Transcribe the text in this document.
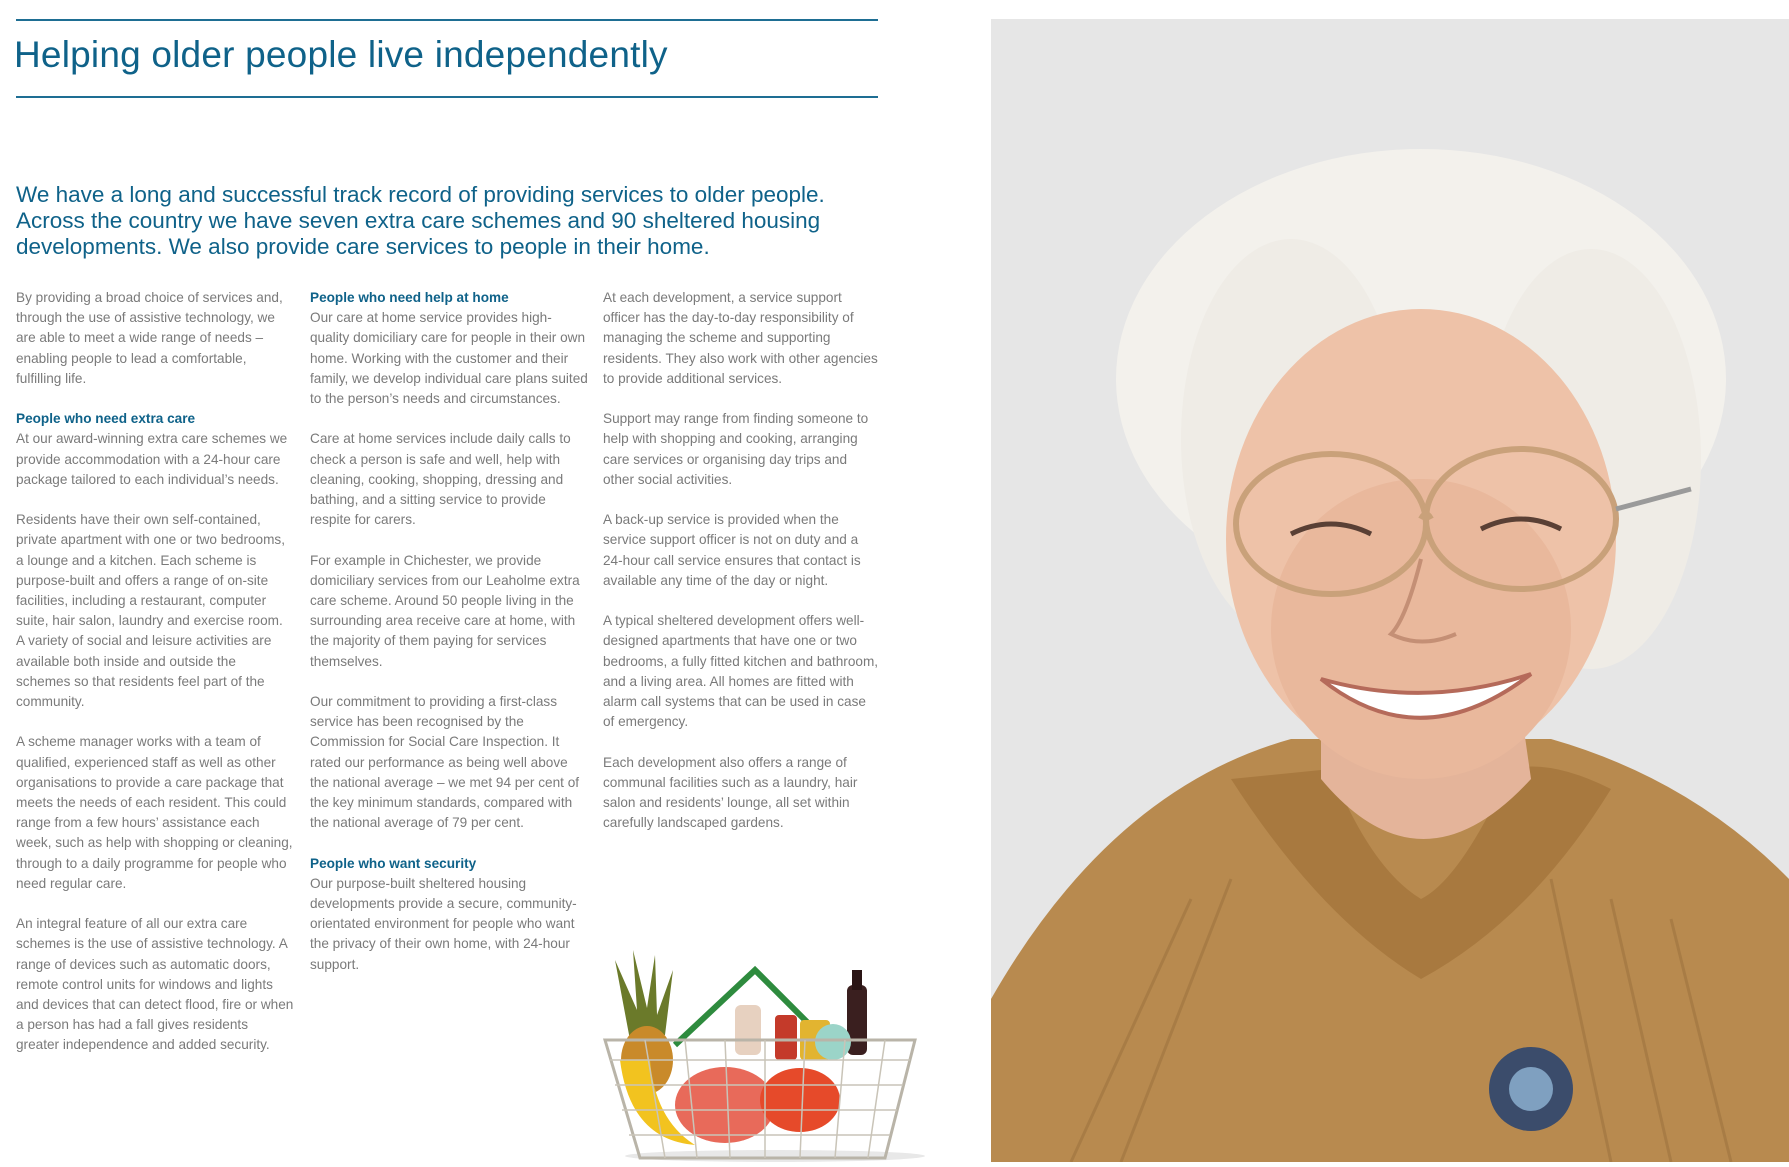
Helping older people live independently

We have a long and successful track record of providing services to older people. Across the country we have seven extra care schemes and 90 sheltered housing developments. We also provide care services to people in their home.

By providing a broad choice of services and, through the use of assistive technology, we are able to meet a wide range of needs – enabling people to lead a comfortable, fulfilling life.

People who need extra care

At our award-winning extra care schemes we provide accommodation with a 24-hour care package tailored to each individual’s needs.

Residents have their own self-contained, private apartment with one or two bedrooms, a lounge and a kitchen. Each scheme is purpose-built and offers a range of on-site facilities, including a restaurant, computer suite, hair salon, laundry and exercise room. A variety of social and leisure activities are available both inside and outside the schemes so that residents feel part of the community.

A scheme manager works with a team of qualified, experienced staff as well as other organisations to provide a care package that meets the needs of each resident. This could range from a few hours’ assistance each week, such as help with shopping or cleaning, through to a daily programme for people who need regular care.

An integral feature of all our extra care schemes is the use of assistive technology. A range of devices such as automatic doors, remote control units for windows and lights and devices that can detect flood, fire or when a person has had a fall gives residents greater independence and added security.

People who need help at home

Our care at home service provides high-quality domiciliary care for people in their own home. Working with the customer and their family, we develop individual care plans suited to the person’s needs and circumstances.

Care at home services include daily calls to check a person is safe and well, help with cleaning, cooking, shopping, dressing and bathing, and a sitting service to provide respite for carers.

For example in Chichester, we provide domiciliary services from our Leaholme extra care scheme. Around 50 people living in the surrounding area receive care at home, with the majority of them paying for services themselves.

Our commitment to providing a first-class service has been recognised by the Commission for Social Care Inspection. It rated our performance as being well above the national average – we met 94 per cent of the key minimum standards, compared with the national average of 79 per cent.

People who want security

Our purpose-built sheltered housing developments provide a secure, community-orientated environment for people who want the privacy of their own home, with 24-hour support.

At each development, a service support officer has the day-to-day responsibility of managing the scheme and supporting residents. They also work with other agencies to provide additional services.

Support may range from finding someone to help with shopping and cooking, arranging care services or organising day trips and other social activities.

A back-up service is provided when the service support officer is not on duty and a 24-hour call service ensures that contact is available any time of the day or night.

A typical sheltered development offers well-designed apartments that have one or two bedrooms, a fully fitted kitchen and bathroom, and a living area. All homes are fitted with alarm call systems that can be used in case of emergency.

Each development also offers a range of communal facilities such as a laundry, hair salon and residents’ lounge, all set within carefully landscaped gardens.
